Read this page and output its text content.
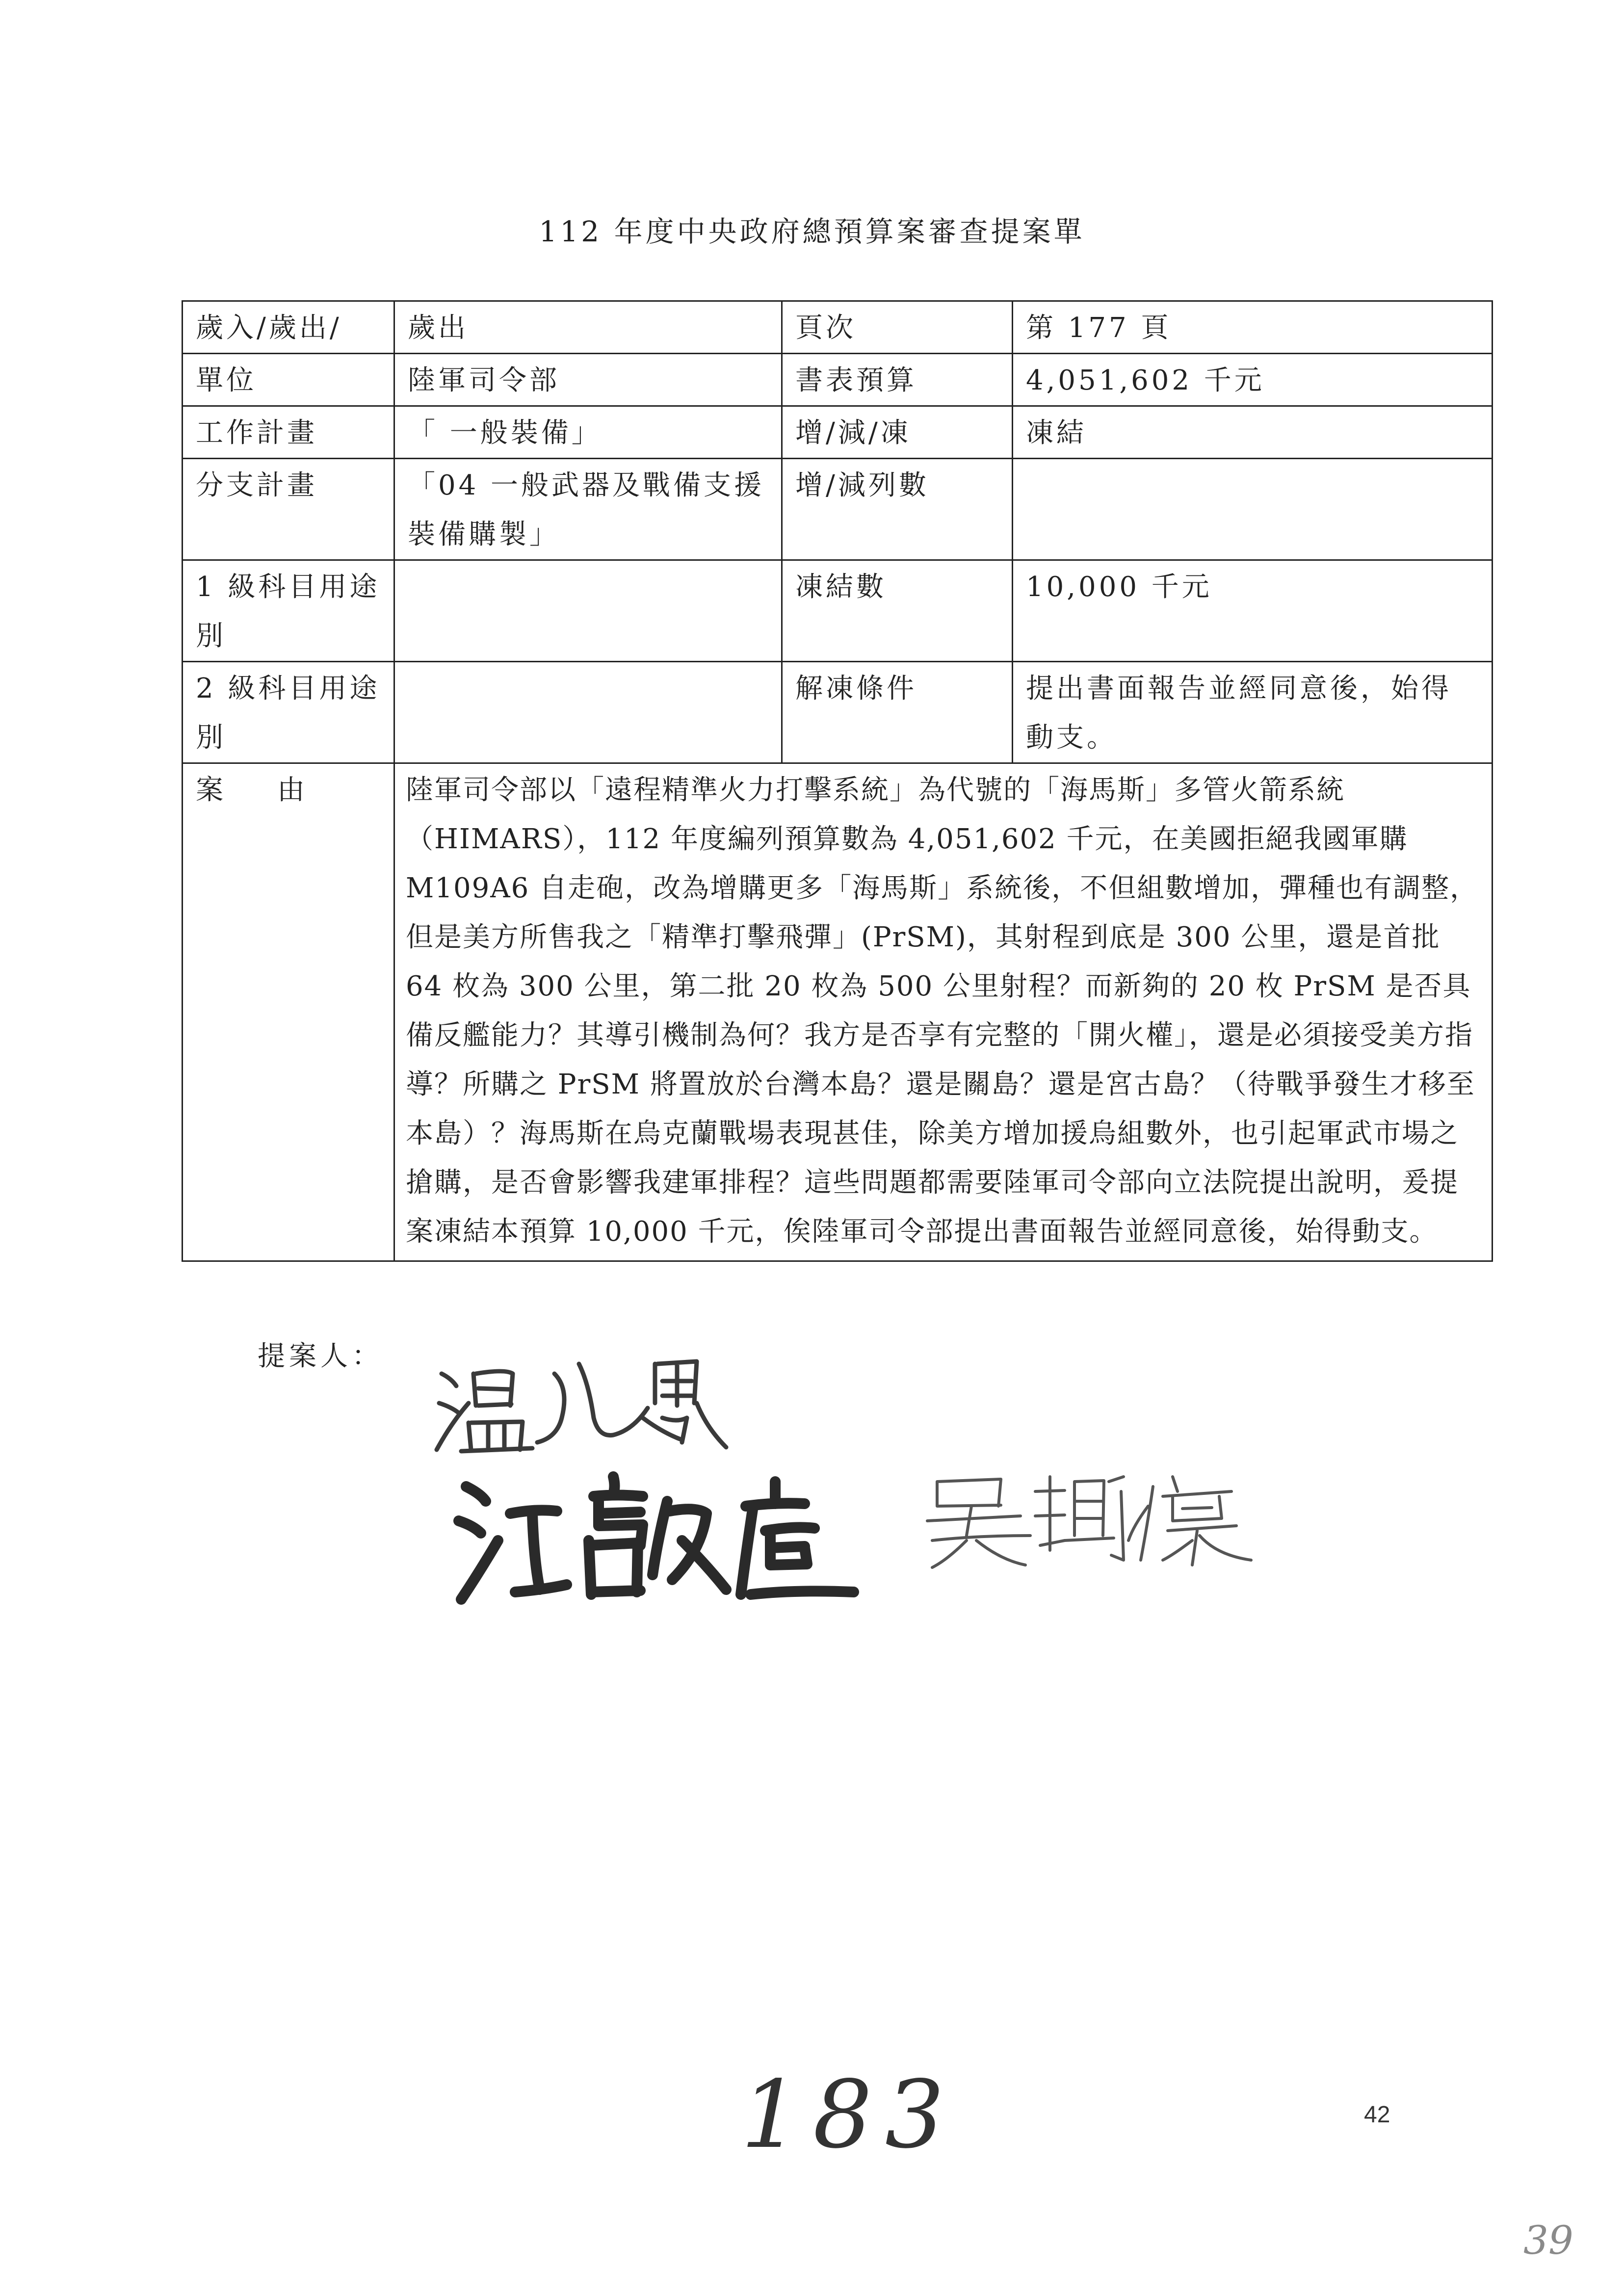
112 年度中央政府總預算案審查提案單
歲入/歲出/	歲出	頁次	第 177 頁
單位	陸軍司令部	書表預算	4,051,602 千元
工作計畫	「 一般裝備」	增/減/凍	凍結
分支計畫	「04 一般武器及戰備支援裝備購製」	增/減列數	
1 級科目用途別		凍結數	10,000 千元
2 級科目用途別		解凍條件	提出書面報告並經同意後，始得動支。
案由	陸軍司令部以「遠程精準火力打擊系統」為代號的「海馬斯」多管火箭系統（HIMARS），112 年度編列預算數為 4,051,602 千元，在美國拒絕我國軍購 M109A6 自走砲，改為增購更多「海馬斯」系統後，不但組數增加，彈種也有調整，但是美方所售我之「精準打擊飛彈」(PrSM)，其射程到底是 300 公里，還是首批 64 枚為 300 公里，第二批 20 枚為 500 公里射程？而新夠的 20 枚 PrSM 是否具備反艦能力？其導引機制為何？我方是否享有完整的「開火權」，還是必須接受美方指導？所購之 PrSM 將置放於台灣本島？還是關島？還是宮古島？（待戰爭發生才移至本島）？海馬斯在烏克蘭戰場表現甚佳，除美方增加援烏組數外，也引起軍武市場之搶購，是否會影響我建軍排程？這些問題都需要陸軍司令部向立法院提出說明，爰提案凍結本預算 10,000 千元，俟陸軍司令部提出書面報告並經同意後，始得動支。		
提案人：
183	42
39
